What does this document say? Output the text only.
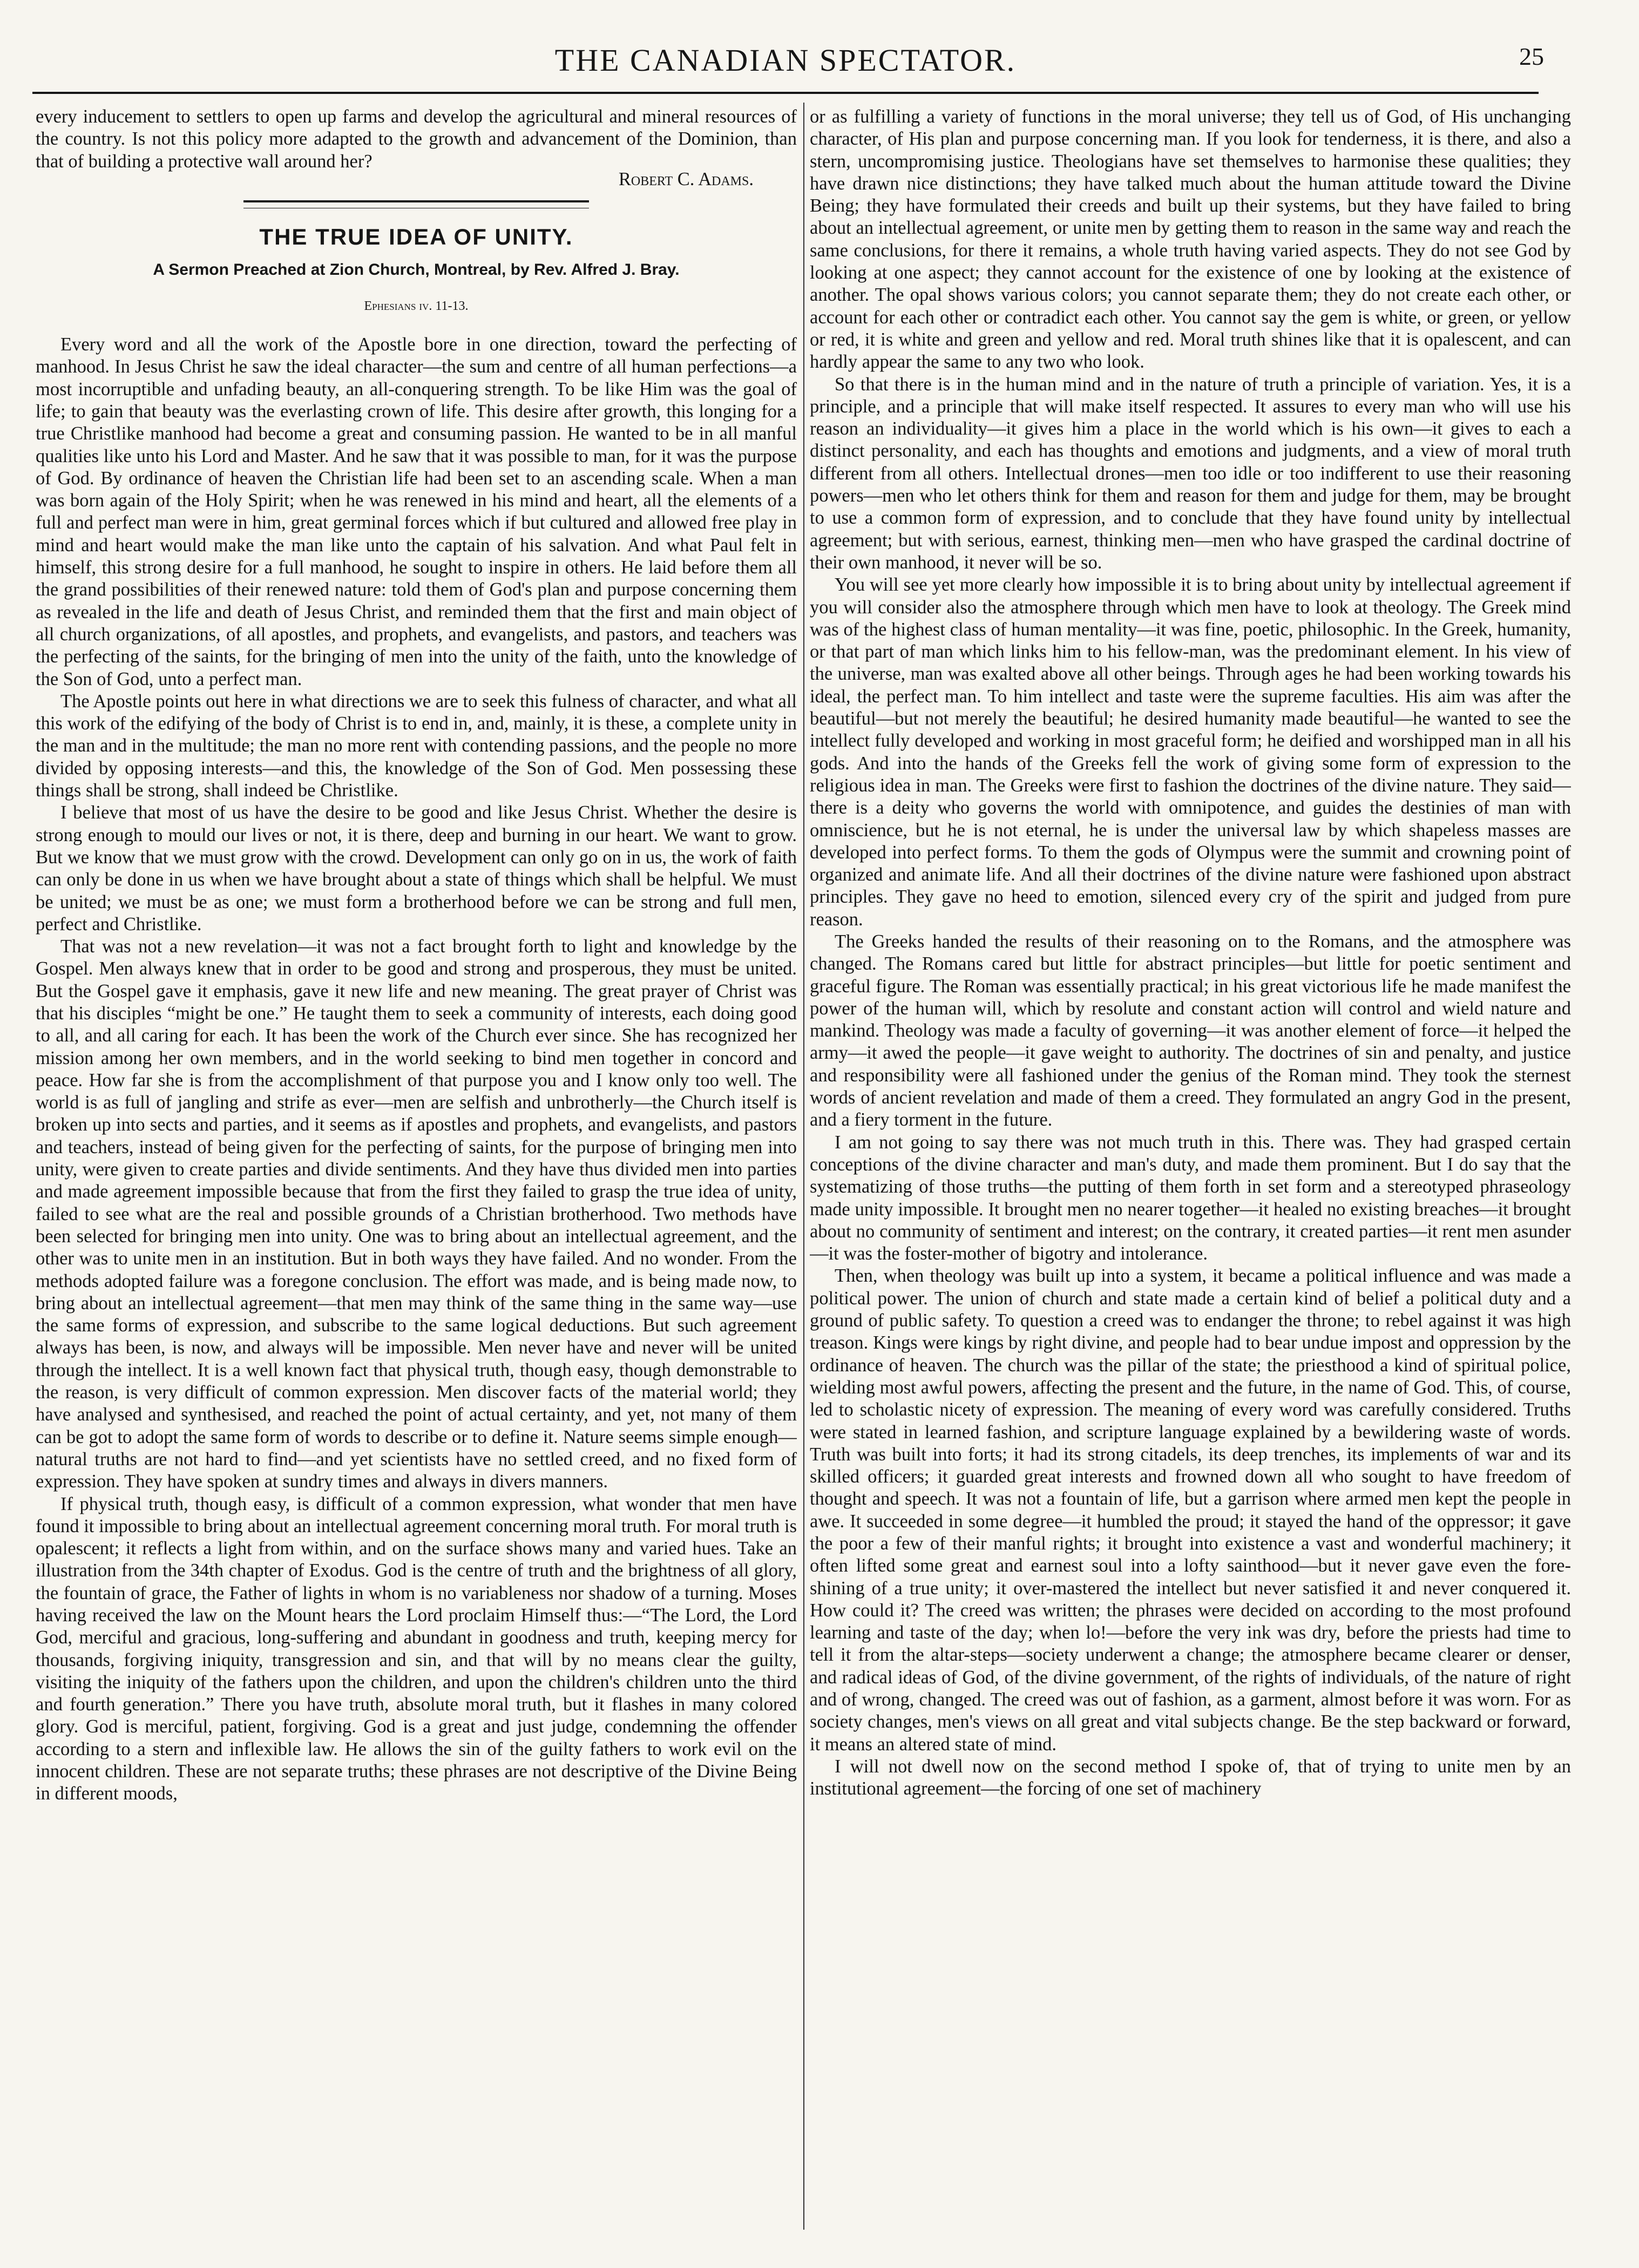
THE CANADIAN SPECTATOR.	25

every inducement to settlers to open up farms and develop the agricultural and mineral resources of the country. Is not this policy more adapted to the growth and advancement of the Dominion, than that of building a protective wall around her?

Robert C. Adams.

THE TRUE IDEA OF UNITY.
A Sermon Preached at Zion Church, Montreal, by Rev. Alfred J. Bray.
Ephesians iv. 11-13.

Every word and all the work of the Apostle bore in one direction, toward the perfecting of manhood. In Jesus Christ he saw the ideal character—the sum and centre of all human perfections—a most incorruptible and unfading beauty, an all-conquering strength. To be like Him was the goal of life; to gain that beauty was the everlasting crown of life. This desire after growth, this longing for a true Christlike manhood had become a great and consuming passion. He wanted to be in all manful qualities like unto his Lord and Master. And he saw that it was possible to man, for it was the purpose of God. By ordinance of heaven the Christian life had been set to an ascending scale. When a man was born again of the Holy Spirit; when he was renewed in his mind and heart, all the elements of a full and perfect man were in him, great germinal forces which if but cultured and allowed free play in mind and heart would make the man like unto the captain of his salvation. And what Paul felt in himself, this strong desire for a full manhood, he sought to inspire in others. He laid before them all the grand possibilities of their renewed nature: told them of God's plan and purpose concerning them as revealed in the life and death of Jesus Christ, and reminded them that the first and main object of all church organizations, of all apostles, and prophets, and evangelists, and pastors, and teachers was the perfecting of the saints, for the bringing of men into the unity of the faith, unto the knowledge of the Son of God, unto a perfect man.

The Apostle points out here in what directions we are to seek this fulness of character, and what all this work of the edifying of the body of Christ is to end in, and, mainly, it is these, a complete unity in the man and in the multitude; the man no more rent with contending passions, and the people no more divided by opposing interests—and this, the knowledge of the Son of God. Men possessing these things shall be strong, shall indeed be Christlike.

I believe that most of us have the desire to be good and like Jesus Christ. Whether the desire is strong enough to mould our lives or not, it is there, deep and burning in our heart. We want to grow. But we know that we must grow with the crowd. Development can only go on in us, the work of faith can only be done in us when we have brought about a state of things which shall be helpful. We must be united; we must be as one; we must form a brotherhood before we can be strong and full men, perfect and Christlike.

That was not a new revelation—it was not a fact brought forth to light and knowledge by the Gospel. Men always knew that in order to be good and strong and prosperous, they must be united. But the Gospel gave it emphasis, gave it new life and new meaning. The great prayer of Christ was that his disciples “might be one.” He taught them to seek a community of interests, each doing good to all, and all caring for each. It has been the work of the Church ever since. She has recognized her mission among her own members, and in the world seeking to bind men together in concord and peace. How far she is from the accomplishment of that purpose you and I know only too well. The world is as full of jangling and strife as ever—men are selfish and unbrotherly—the Church itself is broken up into sects and parties, and it seems as if apostles and prophets, and evangelists, and pastors and teachers, instead of being given for the perfecting of saints, for the purpose of bringing men into unity, were given to create parties and divide sentiments. And they have thus divided men into parties and made agreement impossible because that from the first they failed to grasp the true idea of unity, failed to see what are the real and possible grounds of a Christian brotherhood. Two methods have been selected for bringing men into unity. One was to bring about an intellectual agreement, and the other was to unite men in an institution. But in both ways they have failed. And no wonder. From the methods adopted failure was a foregone conclusion. The effort was made, and is being made now, to bring about an intellectual agreement—that men may think of the same thing in the same way—use the same forms of expression, and subscribe to the same logical deductions. But such agreement always has been, is now, and always will be impossible. Men never have and never will be united through the intellect. It is a well known fact that physical truth, though easy, though demonstrable to the reason, is very difficult of common expression. Men discover facts of the material world; they have analysed and synthesised, and reached the point of actual certainty, and yet, not many of them can be got to adopt the same form of words to describe or to define it. Nature seems simple enough—natural truths are not hard to find—and yet scientists have no settled creed, and no fixed form of expression. They have spoken at sundry times and always in divers manners.

If physical truth, though easy, is difficult of a common expression, what wonder that men have found it impossible to bring about an intellectual agreement concerning moral truth. For moral truth is opalescent; it reflects a light from within, and on the surface shows many and varied hues. Take an illustration from the 34th chapter of Exodus. God is the centre of truth and the brightness of all glory, the fountain of grace, the Father of lights in whom is no variableness nor shadow of a turning. Moses having received the law on the Mount hears the Lord proclaim Himself thus:—“The Lord, the Lord God, merciful and gracious, long-suffering and abundant in goodness and truth, keeping mercy for thousands, forgiving iniquity, transgression and sin, and that will by no means clear the guilty, visiting the iniquity of the fathers upon the children, and upon the children's children unto the third and fourth generation.” There you have truth, absolute moral truth, but it flashes in many colored glory. God is merciful, patient, forgiving. God is a great and just judge, condemning the offender according to a stern and inflexible law. He allows the sin of the guilty fathers to work evil on the innocent children. These are not separate truths; these phrases are not descriptive of the Divine Being in different moods,

or as fulfilling a variety of functions in the moral universe; they tell us of God, of His unchanging character, of His plan and purpose concerning man. If you look for tenderness, it is there, and also a stern, uncompromising justice. Theologians have set themselves to harmonise these qualities; they have drawn nice distinctions; they have talked much about the human attitude toward the Divine Being; they have formulated their creeds and built up their systems, but they have failed to bring about an intellectual agreement, or unite men by getting them to reason in the same way and reach the same conclusions, for there it remains, a whole truth having varied aspects. They do not see God by looking at one aspect; they cannot account for the existence of one by looking at the existence of another. The opal shows various colors; you cannot separate them; they do not create each other, or account for each other or contradict each other. You cannot say the gem is white, or green, or yellow or red, it is white and green and yellow and red. Moral truth shines like that it is opalescent, and can hardly appear the same to any two who look.

So that there is in the human mind and in the nature of truth a principle of variation. Yes, it is a principle, and a principle that will make itself respected. It assures to every man who will use his reason an individuality—it gives him a place in the world which is his own—it gives to each a distinct personality, and each has thoughts and emotions and judgments, and a view of moral truth different from all others. Intellectual drones—men too idle or too indifferent to use their reasoning powers—men who let others think for them and reason for them and judge for them, may be brought to use a common form of expression, and to conclude that they have found unity by intellectual agreement; but with serious, earnest, thinking men—men who have grasped the cardinal doctrine of their own manhood, it never will be so.

You will see yet more clearly how impossible it is to bring about unity by intellectual agreement if you will consider also the atmosphere through which men have to look at theology. The Greek mind was of the highest class of human mentality—it was fine, poetic, philosophic. In the Greek, humanity, or that part of man which links him to his fellow-man, was the predominant element. In his view of the universe, man was exalted above all other beings. Through ages he had been working towards his ideal, the perfect man. To him intellect and taste were the supreme faculties. His aim was after the beautiful—but not merely the beautiful; he desired humanity made beautiful—he wanted to see the intellect fully developed and working in most graceful form; he deified and worshipped man in all his gods. And into the hands of the Greeks fell the work of giving some form of expression to the religious idea in man. The Greeks were first to fashion the doctrines of the divine nature. They said—there is a deity who governs the world with omnipotence, and guides the destinies of man with omniscience, but he is not eternal, he is under the universal law by which shapeless masses are developed into perfect forms. To them the gods of Olympus were the summit and crowning point of organized and animate life. And all their doctrines of the divine nature were fashioned upon abstract principles. They gave no heed to emotion, silenced every cry of the spirit and judged from pure reason.

The Greeks handed the results of their reasoning on to the Romans, and the atmosphere was changed. The Romans cared but little for abstract principles—but little for poetic sentiment and graceful figure. The Roman was essentially practical; in his great victorious life he made manifest the power of the human will, which by resolute and constant action will control and wield nature and mankind. Theology was made a faculty of governing—it was another element of force—it helped the army—it awed the people—it gave weight to authority. The doctrines of sin and penalty, and justice and responsibility were all fashioned under the genius of the Roman mind. They took the sternest words of ancient revelation and made of them a creed. They formulated an angry God in the present, and a fiery torment in the future.

I am not going to say there was not much truth in this. There was. They had grasped certain conceptions of the divine character and man's duty, and made them prominent. But I do say that the systematizing of those truths—the putting of them forth in set form and a stereotyped phraseology made unity impossible. It brought men no nearer together—it healed no existing breaches—it brought about no community of sentiment and interest; on the contrary, it created parties—it rent men asunder—it was the foster-mother of bigotry and intolerance.

Then, when theology was built up into a system, it became a political influence and was made a political power. The union of church and state made a certain kind of belief a political duty and a ground of public safety. To question a creed was to endanger the throne; to rebel against it was high treason. Kings were kings by right divine, and people had to bear undue impost and oppression by the ordinance of heaven. The church was the pillar of the state; the priesthood a kind of spiritual police, wielding most awful powers, affecting the present and the future, in the name of God. This, of course, led to scholastic nicety of expression. The meaning of every word was carefully considered. Truths were stated in learned fashion, and scripture language explained by a bewildering waste of words. Truth was built into forts; it had its strong citadels, its deep trenches, its implements of war and its skilled officers; it guarded great interests and frowned down all who sought to have freedom of thought and speech. It was not a fountain of life, but a garrison where armed men kept the people in awe. It succeeded in some degree—it humbled the proud; it stayed the hand of the oppressor; it gave the poor a few of their manful rights; it brought into existence a vast and wonderful machinery; it often lifted some great and earnest soul into a lofty sainthood—but it never gave even the fore-shining of a true unity; it over-mastered the intellect but never satisfied it and never conquered it. How could it? The creed was written; the phrases were decided on according to the most profound learning and taste of the day; when lo!—before the very ink was dry, before the priests had time to tell it from the altar-steps—society underwent a change; the atmosphere became clearer or denser, and radical ideas of God, of the divine government, of the rights of individuals, of the nature of right and of wrong, changed. The creed was out of fashion, as a garment, almost before it was worn. For as society changes, men's views on all great and vital subjects change. Be the step backward or forward, it means an altered state of mind.

I will not dwell now on the second method I spoke of, that of trying to unite men by an institutional agreement—the forcing of one set of machinery
